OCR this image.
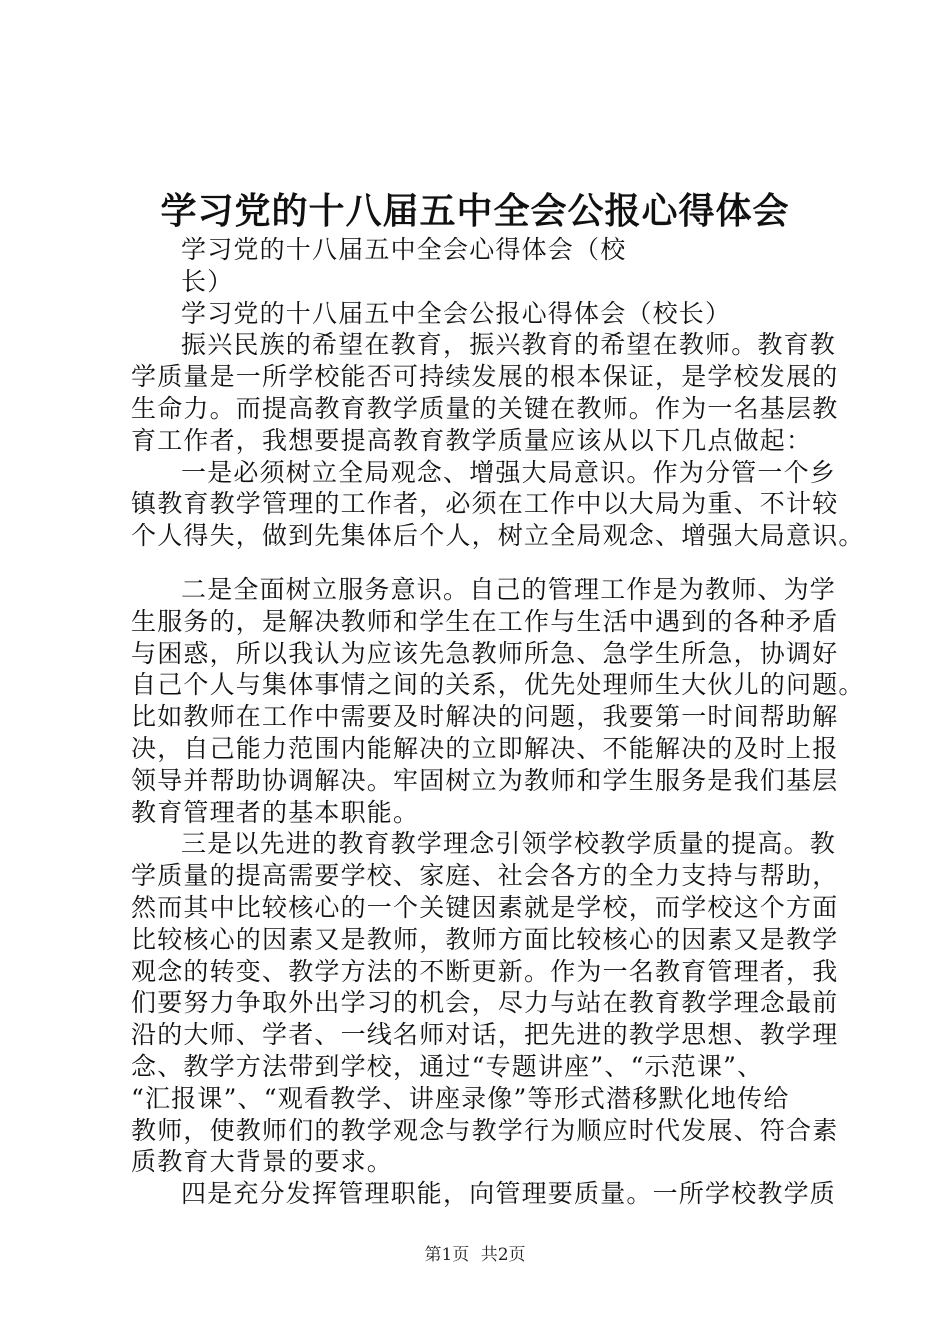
学习党的十八届五中全会公报心得体会
学习党的十八届五中全会心得体会（校
长）
学习党的十八届五中全会公报心得体会（校长）
振兴民族的希望在教育，振兴教育的希望在教师。教育教
学质量是一所学校能否可持续发展的根本保证，是学校发展的
生命力。而提高教育教学质量的关键在教师。作为一名基层教
育工作者，我想要提高教育教学质量应该从以下几点做起：
一是必须树立全局观念、增强大局意识。作为分管一个乡
镇教育教学管理的工作者，必须在工作中以大局为重、不计较
个人得失，做到先集体后个人，树立全局观念、增强大局意识。
二是全面树立服务意识。自己的管理工作是为教师、为学
生服务的，是解决教师和学生在工作与生活中遇到的各种矛盾
与困惑，所以我认为应该先急教师所急、急学生所急，协调好
自己个人与集体事情之间的关系，优先处理师生大伙儿的问题。
比如教师在工作中需要及时解决的问题，我要第一时间帮助解
决，自己能力范围内能解决的立即解决、不能解决的及时上报
领导并帮助协调解决。牢固树立为教师和学生服务是我们基层
教育管理者的基本职能。
三是以先进的教育教学理念引领学校教学质量的提高。教
学质量的提高需要学校、家庭、社会各方的全力支持与帮助，
然而其中比较核心的一个关键因素就是学校，而学校这个方面
比较核心的因素又是教师，教师方面比较核心的因素又是教学
观念的转变、教学方法的不断更新。作为一名教育管理者，我
们要努力争取外出学习的机会，尽力与站在教育教学理念最前
沿的大师、学者、一线名师对话，把先进的教学思想、教学理
念、教学方法带到学校，通过“专题讲座”、“示范课”、
“汇报课”、“观看教学、讲座录像”等形式潜移默化地传给
教师，使教师们的教学观念与教学行为顺应时代发展、符合素
质教育大背景的要求。
四是充分发挥管理职能，向管理要质量。一所学校教学质
第1页 共2页
